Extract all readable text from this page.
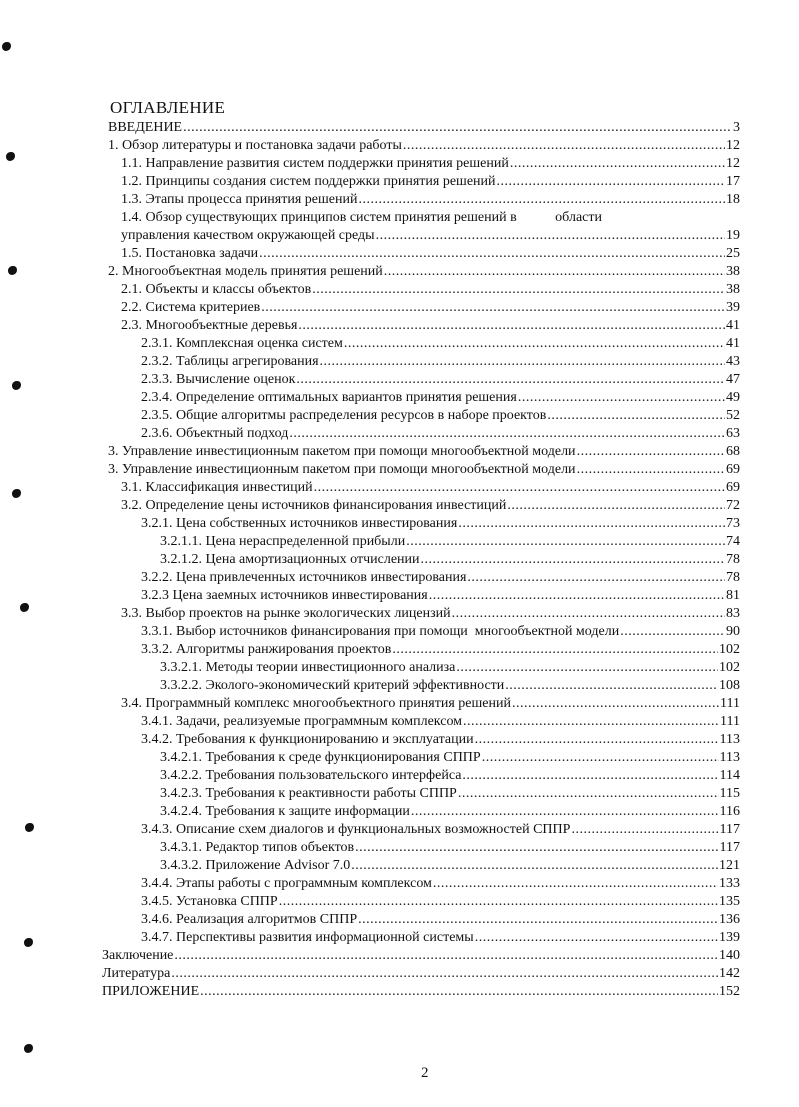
ОГЛАВЛЕНИЕ
ВВЕДЕНИЕ .....	3
1. Обзор литературы и постановка задачи работы .....	12
1.1. Направление развития систем поддержки принятия решений .....	12
1.2. Принципы создания систем поддержки принятия решений .....	17
1.3. Этапы процесса принятия решений .....	18
1.4. Обзор существующих принципов систем принятия решений в           области
управления качеством окружающей среды .....	19
1.5. Постановка задачи .....	25
2. Многообъектная модель принятия решений .....	38
2.1. Объекты и классы объектов .....	38
2.2. Система критериев .....	39
2.3. Многообъектные деревья .....	41
2.3.1. Комплексная оценка систем .....	41
2.3.2. Таблицы агрегирования .....	43
2.3.3. Вычисление оценок .....	47
2.3.4. Определение оптимальных вариантов принятия решения .....	49
2.3.5. Общие алгоритмы распределения ресурсов в наборе проектов .....	52
2.3.6. Объектный подход .....	63
3. Управление инвестиционным пакетом при помощи многообъектной модели .....	68
3. Управление инвестиционным пакетом при помощи многообъектной модели .....	69
3.1. Классификация инвестиций .....	69
3.2. Определение цены источников финансирования инвестиций .....	72
3.2.1. Цена собственных источников инвестирования .....	73
3.2.1.1. Цена нераспределенной прибыли .....	74
3.2.1.2. Цена амортизационных отчислении .....	78
3.2.2. Цена привлеченных источников инвестирования .....	78
3.2.3 Цена заемных источников инвестирования .....	81
3.3. Выбор проектов на рынке экологических лицензий .....	83
3.3.1. Выбор источников финансирования при помощи  многообъектной модели .....	90
3.3.2. Алгоритмы ранжирования проектов .....	102
3.3.2.1. Методы теории инвестиционного анализа .....	102
3.3.2.2. Эколого-экономический критерий эффективности .....	108
3.4. Программный комплекс многообъектного принятия решений .....	111
3.4.1. Задачи, реализуемые программным комплексом .....	111
3.4.2. Требования к функционированию и эксплуатации .....	113
3.4.2.1. Требования к среде функционирования СППР .....	113
3.4.2.2. Требования пользовательского интерфейса .....	114
3.4.2.3. Требования к реактивности работы СППР .....	115
3.4.2.4. Требования к защите информации .....	116
3.4.3. Описание схем диалогов и функциональных возможностей СППР .....	117
3.4.3.1. Редактор типов объектов .....	117
3.4.3.2. Приложение Advisor 7.0 .....	121
3.4.4. Этапы работы с программным комплексом .....	133
3.4.5. Установка СППР .....	135
3.4.6. Реализация алгоритмов СППР .....	136
3.4.7. Перспективы развития информационной системы .....	139
Заключение .....	140
Литература .....	142
ПРИЛОЖЕНИЕ .....	152
2
